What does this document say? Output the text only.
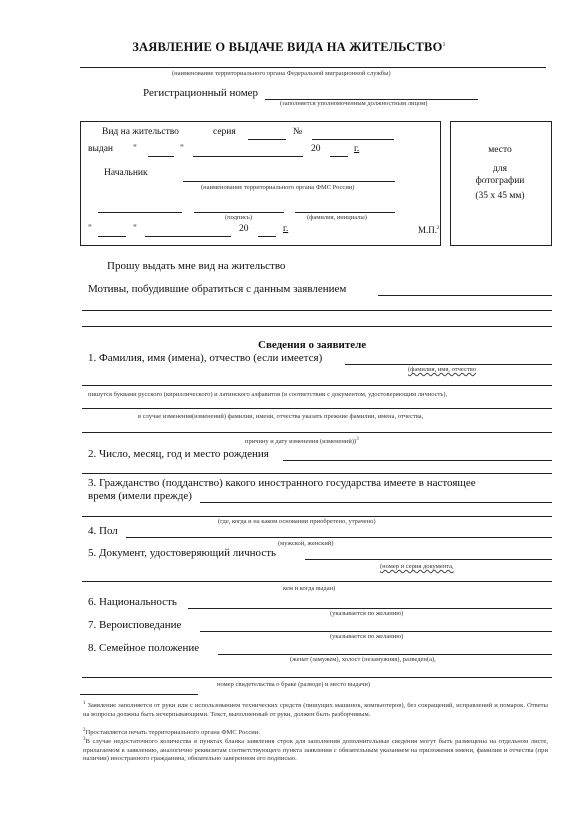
ЗАЯВЛЕНИЕ О ВЫДАЧЕ ВИДА НА ЖИТЕЛЬСТВО$^1$
(наименование территориального органа Федеральной миграционной службы)
Регистрационный номер
(заполняется уполномоченным должностным лицом)
Вид на жительство	серия	№
выдан "	"	20	г.
Начальник
(наименование территориального органа ФМС России)
(подпись)	(фамилия, инициалы)
"	"	20	г.	М.П.$^2$
место
для
фотографии
(35 х 45 мм)
Прошу выдать мне вид на жительство
Мотивы, побудившие обратиться с данным заявлением
Сведения о заявителе
1. Фамилия, имя (имена), отчество (если имеется)
(фамилия, имя, отчество
пишутся буквами русского (кириллического) и латинского алфавитов (в соответствии с документом, удостоверяющим личность),
в случае изменения(изменений) фамилии, имени, отчества указать прежние фамилии, имена, отчества,
причину и дату изменения (изменений))$^3$
2. Число, месяц, год и место рождения
3. Гражданство (подданство) какого иностранного государства имеете в настоящее
время (имели прежде)
(где, когда и на каком основании приобретено, утрачено)
4. Пол
(мужской, женский)
5. Документ, удостоверяющий личность
(номер и серия документа,
кем и когда выдан)
6. Национальность
(указывается по желанию)
7. Вероисповедание
(указывается по желанию)
8. Семейное положение
(женат (замужем), холост (незамужняя), разведен(а),
номер свидетельства о браке (разводе) и место выдачи)
$^1$ Заявление заполняется от руки или с использованием технических средств (пишущих машинок, компьютеров), без сокращений, исправлений и помарок. Ответы на вопросы должны быть исчерпывающими. Текст, выполненный от руки, должен быть разборчивым.
$^2$Проставляется печать территориального органа ФМС России.
$^3$В случае недостаточного количества в пунктах бланка заявления строк для заполнения дополнительные сведения могут быть размещены на отдельном листе, прилагаемом к заявлению, аналогично реквизитам соответствующего пункта заявления с обязательным указанием на приложения имени, фамилии и отчества (при наличии) иностранного гражданина, обязательно заверенном его подписью.
